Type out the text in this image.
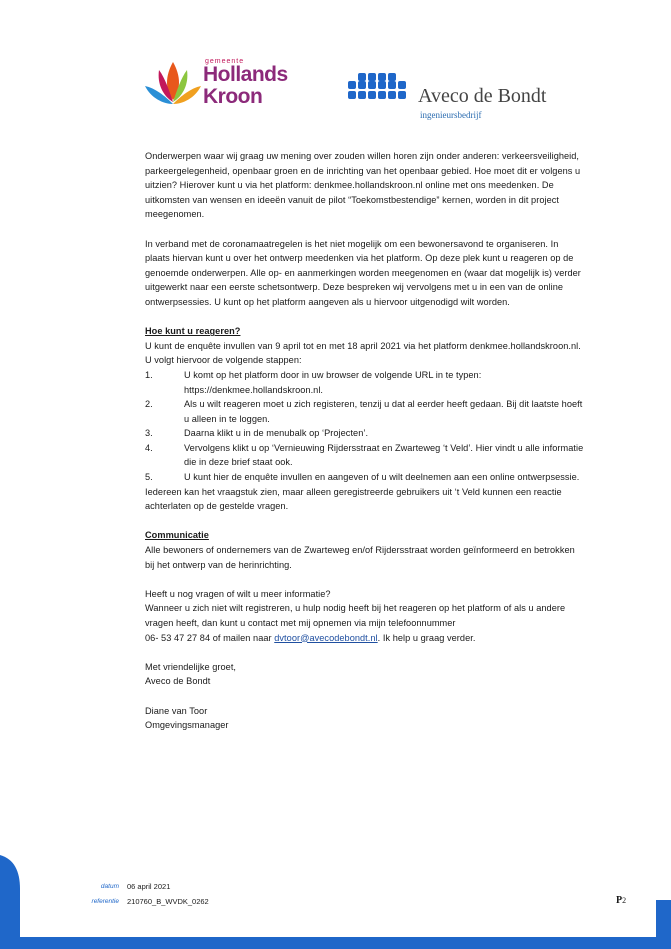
gemeente
Hollands
Kroon	Aveco de Bondt
ingenieursbedrijf

Onderwerpen waar wij graag uw mening over zouden willen horen zijn onder anderen: verkeersveiligheid, parkeergelegenheid, openbaar groen en de inrichting van het openbaar gebied. Hoe moet dit er volgens u uitzien? Hierover kunt u via het platform: denkmee.hollandskroon.nl online met ons meedenken. De uitkomsten van wensen en ideeën vanuit de pilot “Toekomstbestendige” kernen, worden in dit project meegenomen.

In verband met de coronamaatregelen is het niet mogelijk om een bewonersavond te organiseren. In plaats hiervan kunt u over het ontwerp meedenken via het platform. Op deze plek kunt u reageren op de genoemde onderwerpen. Alle op- en aanmerkingen worden meegenomen en (waar dat mogelijk is) verder uitgewerkt naar een eerste schetsontwerp. Deze bespreken wij vervolgens met u in een van de online ontwerpsessies. U kunt op het platform aangeven als u hiervoor uitgenodigd wilt worden.

Hoe kunt u reageren?

U kunt de enquête invullen van 9 april tot en met 18 april 2021 via het platform denkmee.hollandskroon.nl. U volgt hiervoor de volgende stappen:

1.	U komt op het platform door in uw browser de volgende URL in te typen: https://denkmee.hollandskroon.nl.
2.	Als u wilt reageren moet u zich registeren, tenzij u dat al eerder heeft gedaan. Bij dit laatste hoeft u alleen in te loggen.
3.	Daarna klikt u in de menubalk op ‘Projecten’.
4.	Vervolgens klikt u op ‘Vernieuwing Rijdersstraat en Zwarteweg ‘t Veld’. Hier vindt u alle informatie die in deze brief staat ook.
5.	U kunt hier de enquête invullen en aangeven of u wilt deelnemen aan een online ontwerpsessie.

Iedereen kan het vraagstuk zien, maar alleen geregistreerde gebruikers uit ‘t Veld kunnen een reactie achterlaten op de gestelde vragen.

Communicatie

Alle bewoners of ondernemers van de Zwarteweg en/of Rijdersstraat worden geïnformeerd en betrokken bij het ontwerp van de herinrichting.

Heeft u nog vragen of wilt u meer informatie?

Wanneer u zich niet wilt registreren, u hulp nodig heeft bij het reageren op het platform of als u andere vragen heeft, dan kunt u contact met mij opnemen via mijn telefoonnummer
06- 53 47 27 84 of mailen naar dvtoor@avecodebondt.nl. Ik help u graag verder.

Met vriendelijke groet,

Aveco de Bondt

Diane van Toor

Omgevingsmanager

datum 06 april 2021
referentie 210760_B_WVDK_0262	P2
